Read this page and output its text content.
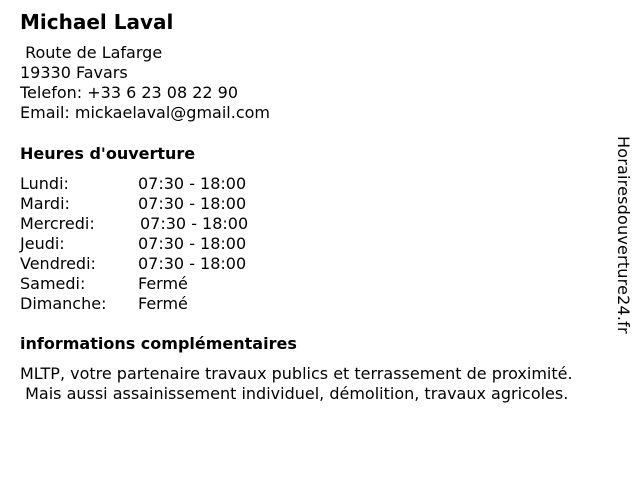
Michael Laval
Route de Lafarge
19330 Favars
Telefon: +33 6 23 08 22 90
Email: mickaelaval@gmail.com
Heures d'ouverture
Lundi:	07:30 - 18:00
Mardi:	07:30 - 18:00
Mercredi:	07:30 - 18:00
Jeudi:	07:30 - 18:00
Vendredi:	07:30 - 18:00
Samedi:	Fermé
Dimanche: Fermé
informations complémentaires
MLTP, votre partenaire travaux publics et terrassement de proximité.
Mais aussi assainissement individuel, démolition, travaux agricoles.
Horairesdouverture24.fr
